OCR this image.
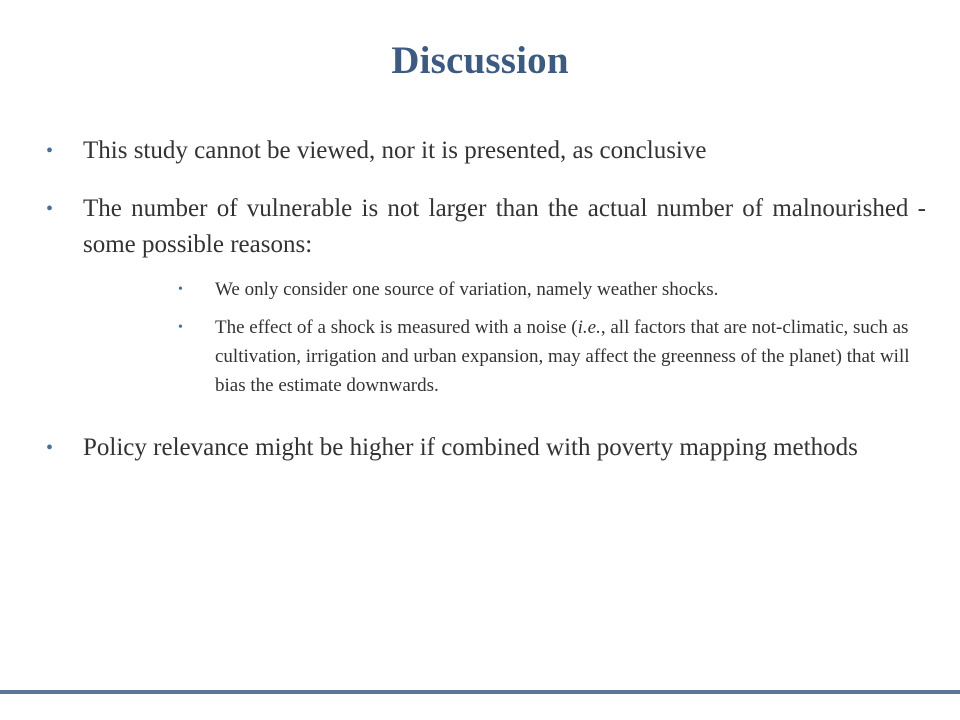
Discussion
• This study cannot be viewed, nor it is presented, as conclusive
• The number of vulnerable is not larger than the actual number of malnourished - some possible reasons:
• We only consider one source of variation, namely weather shocks.
• The effect of a shock is measured with a noise (i.e., all factors that are not-climatic, such as cultivation, irrigation and urban expansion, may affect the greenness of the planet) that will bias the estimate downwards.
• Policy relevance might be higher if combined with poverty mapping methods
